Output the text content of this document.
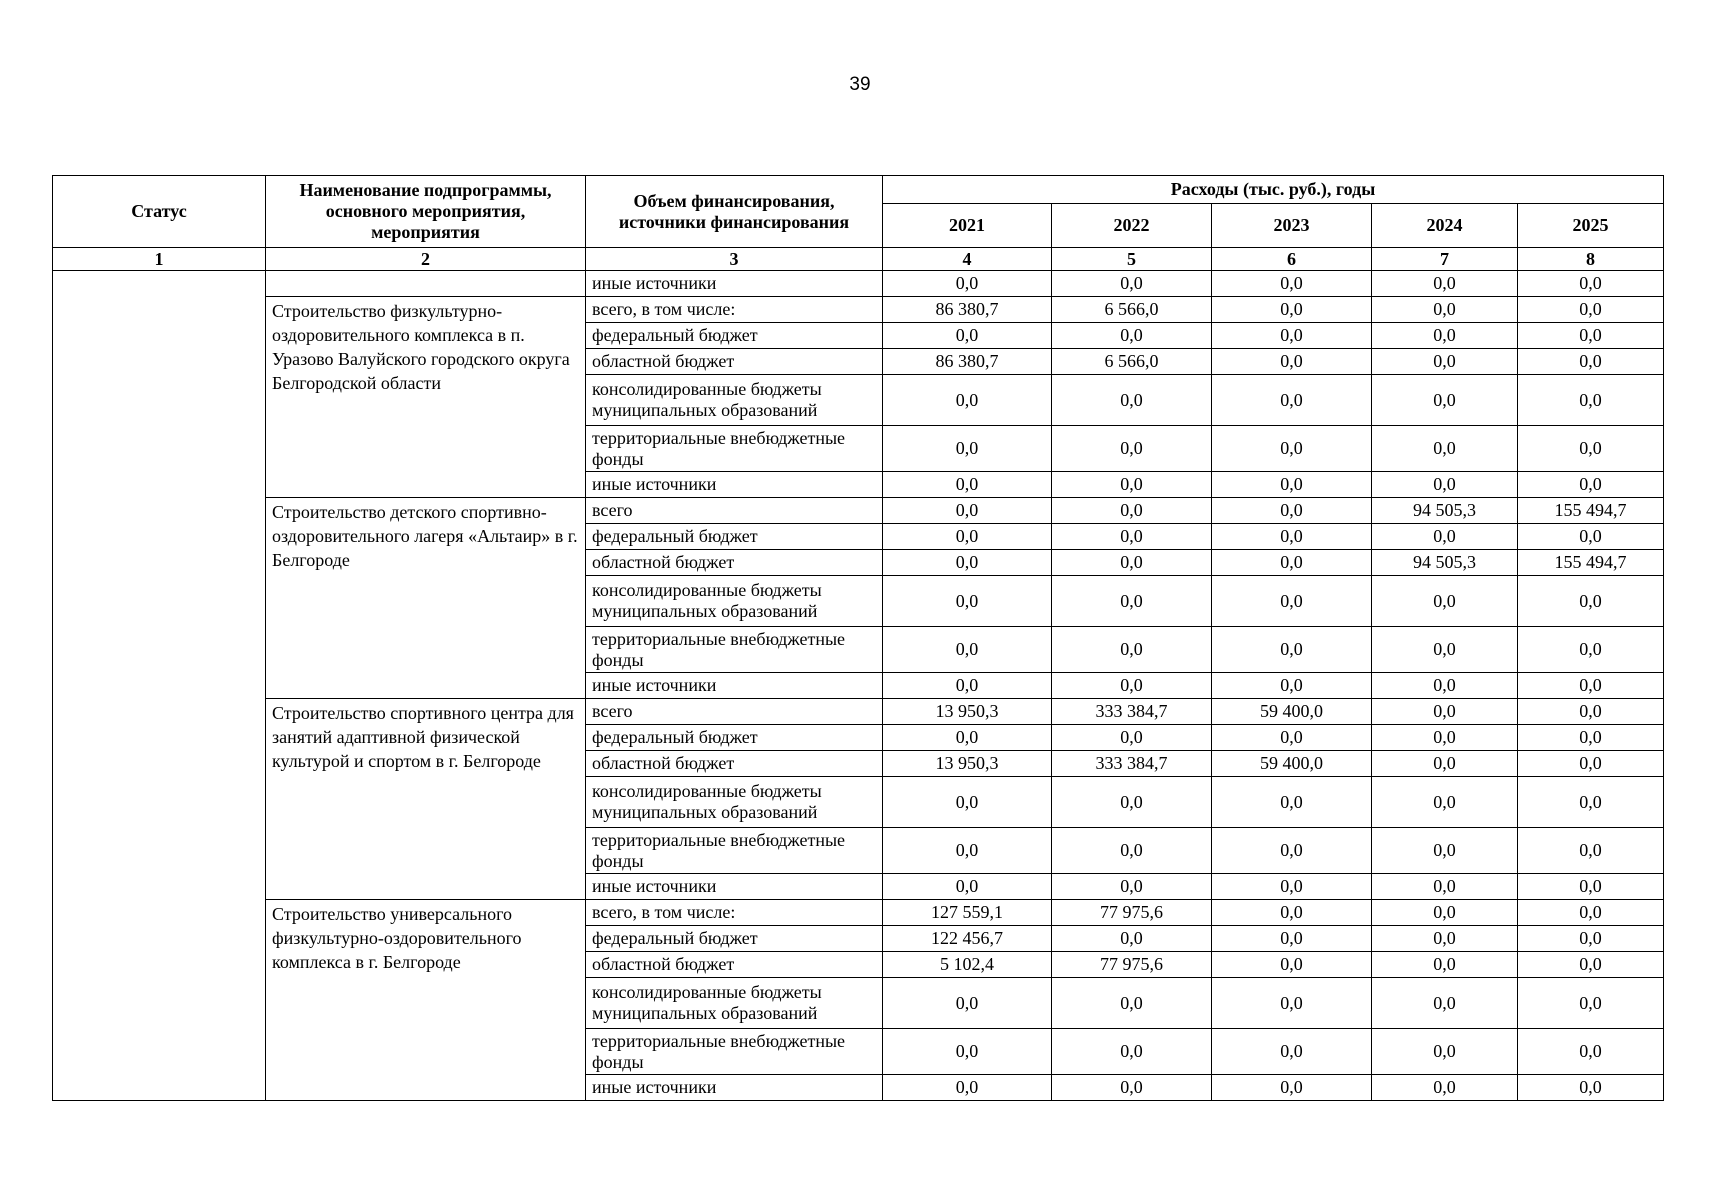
39
Статус	Наименование подпрограммы, основного мероприятия, мероприятия	Объем финансирования, источники финансирования	Расходы (тыс. руб.), годы				
			2021	2022	2023	2024	2025
1	2	3	4	5	6	7	8
		иные источники	0,0	0,0	0,0	0,0	0,0
	Строительство физкультурно-оздоровительного комплекса в п. Уразово Валуйского городского округа Белгородской области	всего, в том числе:	86 380,7	6 566,0	0,0	0,0	0,0
		федеральный бюджет	0,0	0,0	0,0	0,0	0,0
		областной бюджет	86 380,7	6 566,0	0,0	0,0	0,0
		консолидированные бюджеты муниципальных образований	0,0	0,0	0,0	0,0	0,0
		территориальные внебюджетные фонды	0,0	0,0	0,0	0,0	0,0
		иные источники	0,0	0,0	0,0	0,0	0,0
	Строительство детского спортивно-оздоровительного лагеря «Альтаир» в г. Белгороде	всего	0,0	0,0	0,0	94 505,3	155 494,7
		федеральный бюджет	0,0	0,0	0,0	0,0	0,0
		областной бюджет	0,0	0,0	0,0	94 505,3	155 494,7
		консолидированные бюджеты муниципальных образований	0,0	0,0	0,0	0,0	0,0
		территориальные внебюджетные фонды	0,0	0,0	0,0	0,0	0,0
		иные источники	0,0	0,0	0,0	0,0	0,0
	Строительство спортивного центра для занятий адаптивной физической культурой и спортом в г. Белгороде	всего	13 950,3	333 384,7	59 400,0	0,0	0,0
		федеральный бюджет	0,0	0,0	0,0	0,0	0,0
		областной бюджет	13 950,3	333 384,7	59 400,0	0,0	0,0
		консолидированные бюджеты муниципальных образований	0,0	0,0	0,0	0,0	0,0
		территориальные внебюджетные фонды	0,0	0,0	0,0	0,0	0,0
		иные источники	0,0	0,0	0,0	0,0	0,0
	Строительство универсального физкультурно-оздоровительного комплекса в г. Белгороде	всего, в том числе:	127 559,1	77 975,6	0,0	0,0	0,0
		федеральный бюджет	122 456,7	0,0	0,0	0,0	0,0
		областной бюджет	5 102,4	77 975,6	0,0	0,0	0,0
		консолидированные бюджеты муниципальных образований	0,0	0,0	0,0	0,0	0,0
		территориальные внебюджетные фонды	0,0	0,0	0,0	0,0	0,0
		иные источники	0,0	0,0	0,0	0,0	0,0
